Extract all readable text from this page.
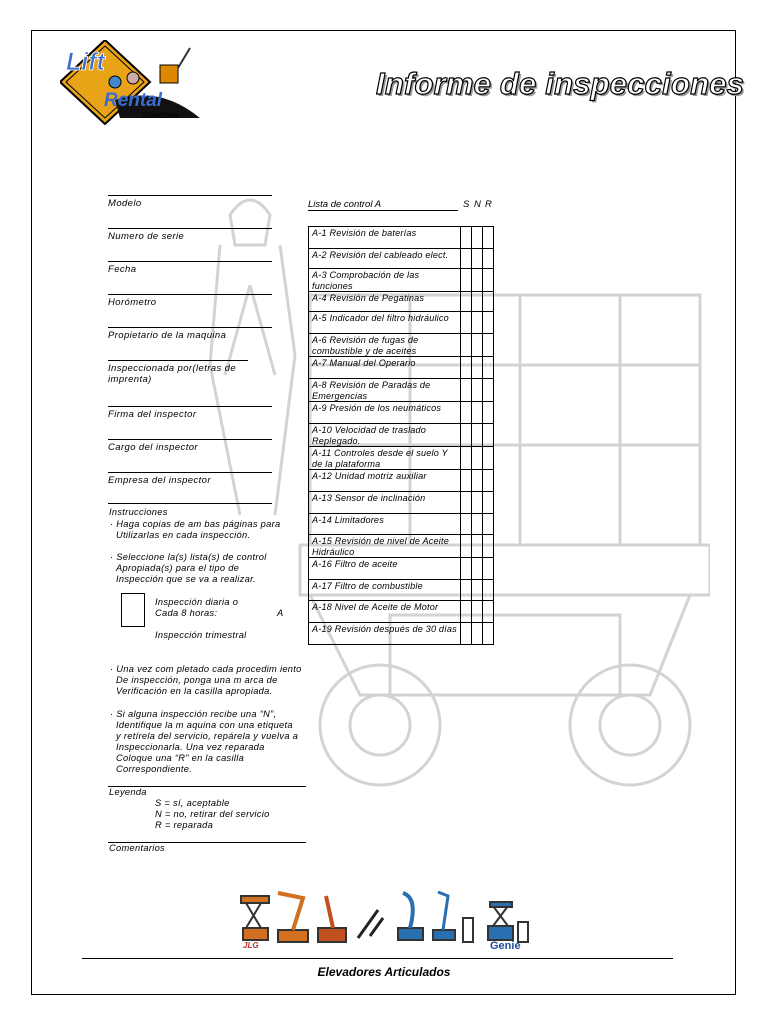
Lift
Rental
Solutions
Informe de inspecciones
Modelo
Numero de serie
Fecha
Horómetro
Propietario de la maquina
Inspeccionada por(letras de imprenta)
Firma del inspector
Cargo del inspector
Empresa del inspector
Instrucciones
· Haga copias de am bas páginas para
Utilizarlas en cada inspección.
· Seleccione la(s) lista(s) de control
Apropiada(s) para el tipo de
Inspección que se va a realizar.
Inspección diaria o
Cada 8 horas:	A
Inspección trimestral
· Una vez com pletado cada procedim iento
De inspección, ponga una m arca de
Verificación en la casilla apropiada.
· Si alguna inspección recibe una “N”,
Identifique la m aquina con una etiqueta
y retírela del servicio, repárela y vuelva a
Inspeccionarla. Una vez reparada
Coloque una “R” en la casilla
Correspondiente.
Leyenda
S = sí, aceptable
N = no, retirar del servicio
R = reparada
Comentarios
Lista de control A	S N R
A-1 Revisión de baterías			
A-2 Revisión del cableado elect.			
A-3 Comprobación de las funciones			
A-4 Revisión de Pegatinas			
A-5 Indicador del filtro hidráulico			
A-6 Revisión de fugas de combustible y de aceites			
A-7 Manual del Operario			
A-8 Revisión de Paradas de Emergencias			
A-9 Presión de los neumáticos			
A-10 Velocidad de traslado Replegado.			
A-11 Controles desde el suelo Y de la plataforma			
A-12 Unidad motriz auxiliar			
A-13 Sensor de inclinación			
A-14 Limitadores			
A-15 Revisión de nivel de Aceite Hidráulico			
A-16 Filtro de aceite			
A-17 Filtro de combustible			
A-18 Nivel de Aceite de Motor			
A-19 Revisión después de 30 días			
JLG	Genie
Elevadores Articulados
